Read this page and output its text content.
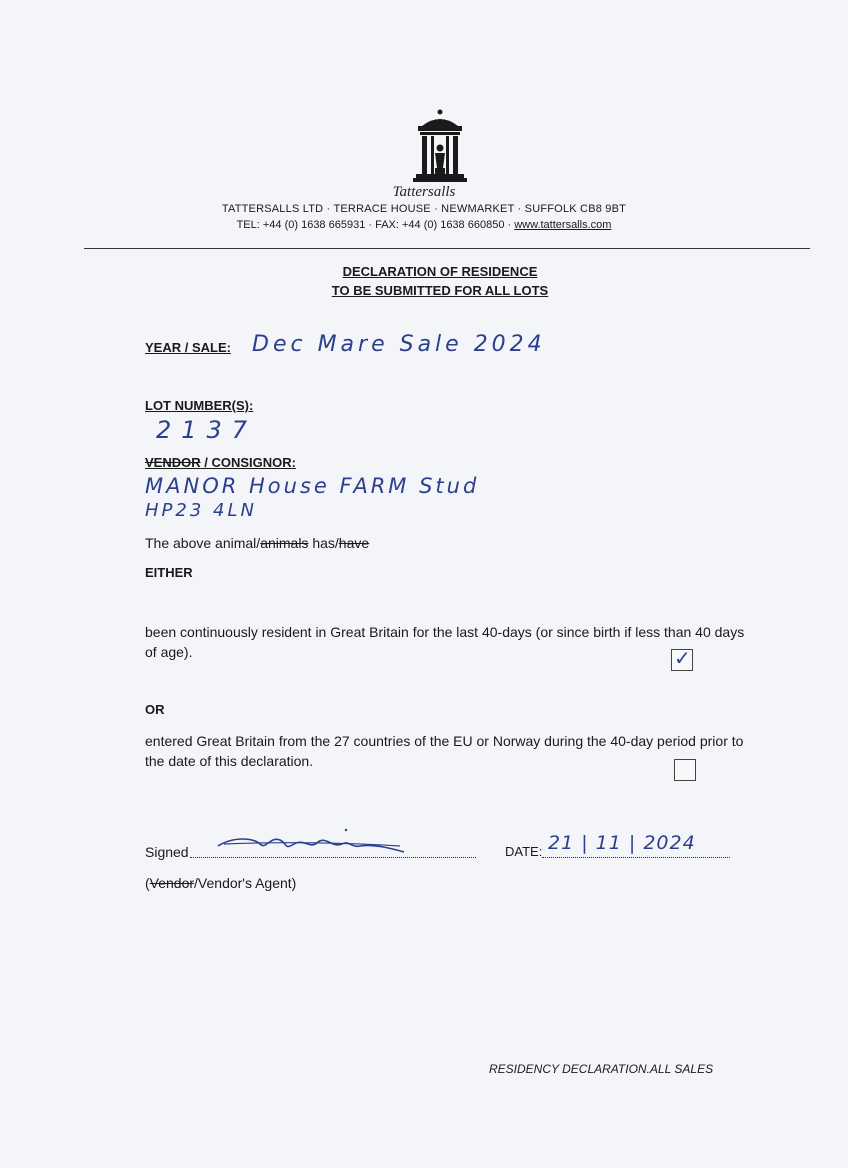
Tattersalls
TATTERSALLS LTD · TERRACE HOUSE · NEWMARKET · SUFFOLK CB8 9BT
TEL: +44 (0) 1638 665931 · FAX: +44 (0) 1638 660850 · www.tattersalls.com
DECLARATION OF RESIDENCE
TO BE SUBMITTED FOR ALL LOTS
YEAR / SALE: Dec Mare Sale 2024
LOT NUMBER(S):
2137
VENDOR / CONSIGNOR:
MANOR House FARM Stud
HP23 4LN
The above animal/animals has/have
EITHER
been continuously resident in Great Britain for the last 40-days (or since birth if less than 40 days of age).	✓
OR
entered Great Britain from the 27 countries of the EU or Norway during the 40-day period prior to the date of this declaration.
Signed	DATE: 21 | 11 | 2024
(Vendor/Vendor's Agent)
RESIDENCY DECLARATION.ALL SALES
